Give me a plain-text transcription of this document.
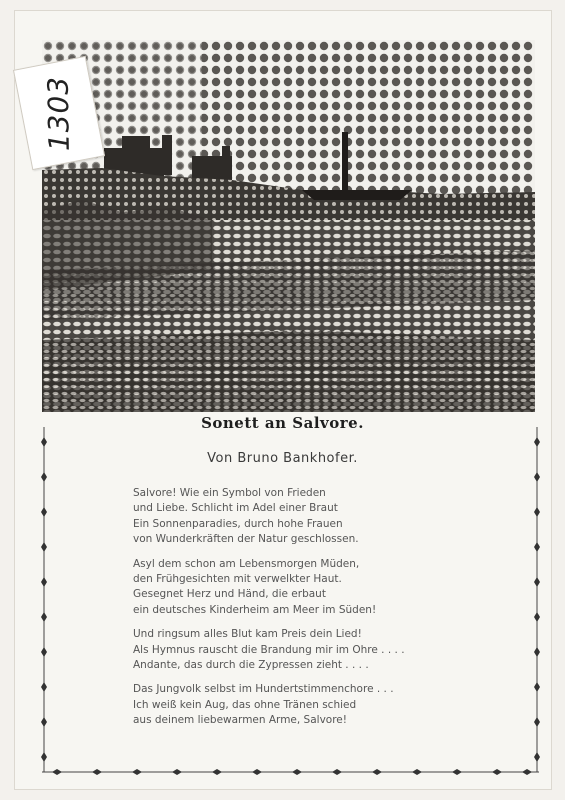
1303
Sonett an Salvore.
Von Bruno Bankhofer.
Salvore! Wie ein Symbol von Frieden
und Liebe. Schlicht im Adel einer Braut
Ein Sonnenparadies, durch hohe Frauen
von Wunderkräften der Natur geschlossen.
Asyl dem schon am Lebensmorgen Müden,
den Frühgesichten mit verwelkter Haut.
Gesegnet Herz und Händ, die erbaut
ein deutsches Kinderheim am Meer im Süden!
Und ringsum alles Blut kam Preis dein Lied!
Als Hymnus rauscht die Brandung mir im Ohre . . . .
Andante, das durch die Zypressen zieht . . . .
Das Jungvolk selbst im Hundertstimmenchore . . .
Ich weiß kein Aug, das ohne Tränen schied
aus deinem liebewarmen Arme, Salvore!
